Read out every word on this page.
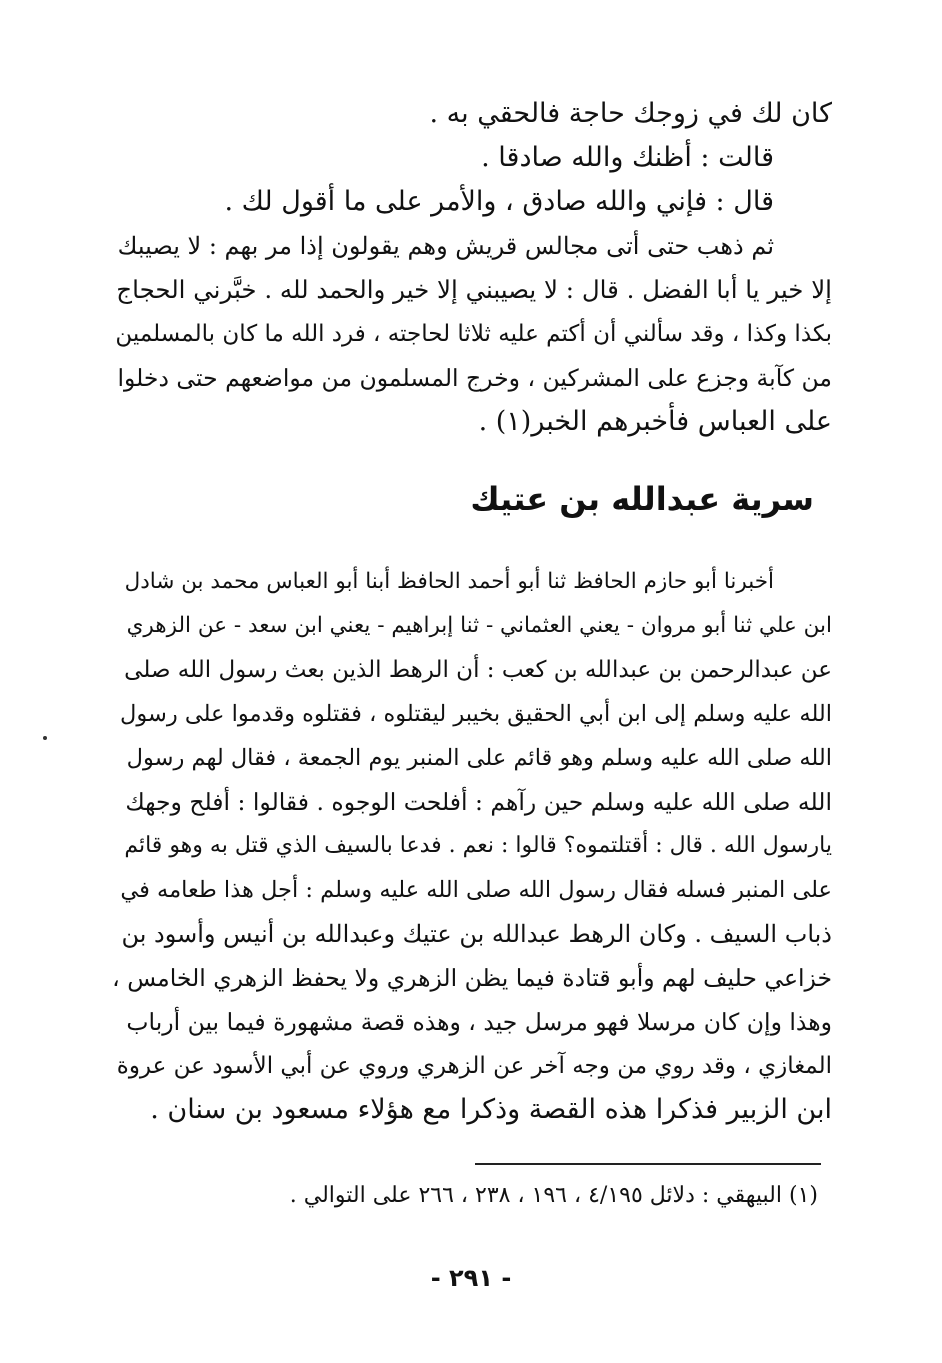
كان لك في زوجك حاجة فالحقي به .
قالت : أظنك والله صادقا .
قال : فإني والله صادق ، والأمر على ما أقول لك .
ثم ذهب حتى أتى مجالس قريش وهم يقولون إذا مر بهم : لا يصيبك
إلا خير يا أبا الفضل . قال : لا يصيبني إلا خير والحمد لله . خبَّرني الحجاج
بكذا وكذا ، وقد سألني أن أكتم عليه ثلاثا لحاجته ، فرد الله ما كان بالمسلمين
من كآبة وجزع على المشركين ، وخرج المسلمون من مواضعهم حتى دخلوا
على العباس فأخبرهم الخبر(١) .
سرية عبدالله بن عتيك
أخبرنا أبو حازم الحافظ ثنا أبو أحمد الحافظ أبنا أبو العباس محمد بن شادل
ابن علي ثنا أبو مروان - يعني العثماني - ثنا إبراهيم - يعني ابن سعد - عن الزهري
عن عبدالرحمن بن عبدالله بن كعب : أن الرهط الذين بعث رسول الله صلى
الله عليه وسلم إلى ابن أبي الحقيق بخيبر ليقتلوه ، فقتلوه وقدموا على رسول
الله صلى الله عليه وسلم وهو قائم على المنبر يوم الجمعة ، فقال لهم رسول
الله صلى الله عليه وسلم حين رآهم : أفلحت الوجوه . فقالوا : أفلح وجهك
يارسول الله . قال : أقتلتموه؟ قالوا : نعم . فدعا بالسيف الذي قتل به وهو قائم
على المنبر فسله فقال رسول الله صلى الله عليه وسلم : أجل هذا طعامه في
ذباب السيف . وكان الرهط عبدالله بن عتيك وعبدالله بن أنيس وأسود بن
خزاعي حليف لهم وأبو قتادة فيما يظن الزهري ولا يحفظ الزهري الخامس ،
وهذا وإن كان مرسلا فهو مرسل جيد ، وهذه قصة مشهورة فيما بين أرباب
المغازي ، وقد روي من وجه آخر عن الزهري وروي عن أبي الأسود عن عروة
ابن الزبير فذكرا هذه القصة وذكرا مع هؤلاء مسعود بن سنان .
(١) البيهقي : دلائل ٤/١٩٥ ، ١٩٦ ، ٢٣٨ ، ٢٦٦ على التوالي .
- ٢٩١ -
